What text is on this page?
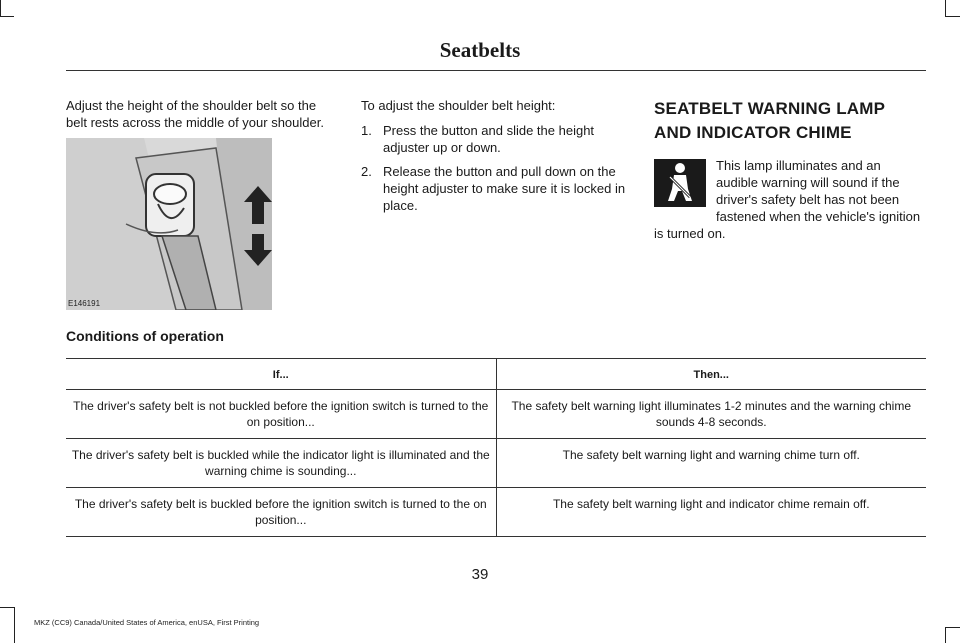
Seatbelts
Adjust the height of the shoulder belt so the belt rests across the middle of your shoulder.
E146191
To adjust the shoulder belt height:
1. Press the button and slide the height adjuster up or down.
2. Release the button and pull down on the height adjuster to make sure it is locked in place.
SEATBELT WARNING LAMP AND INDICATOR CHIME
This lamp illuminates and an audible warning will sound if the driver's safety belt has not been fastened when the vehicle's ignition is turned on.
Conditions of operation
If...	Then...
The driver's safety belt is not buckled before the ignition switch is turned to the on position...	The safety belt warning light illuminates 1-2 minutes and the warning chime sounds 4-8 seconds.
The driver's safety belt is buckled while the indicator light is illuminated and the warning chime is sounding...	The safety belt warning light and warning chime turn off.
The driver's safety belt is buckled before the ignition switch is turned to the on position...	The safety belt warning light and indicator chime remain off.
39
MKZ (CC9) Canada/United States of America, enUSA, First Printing
